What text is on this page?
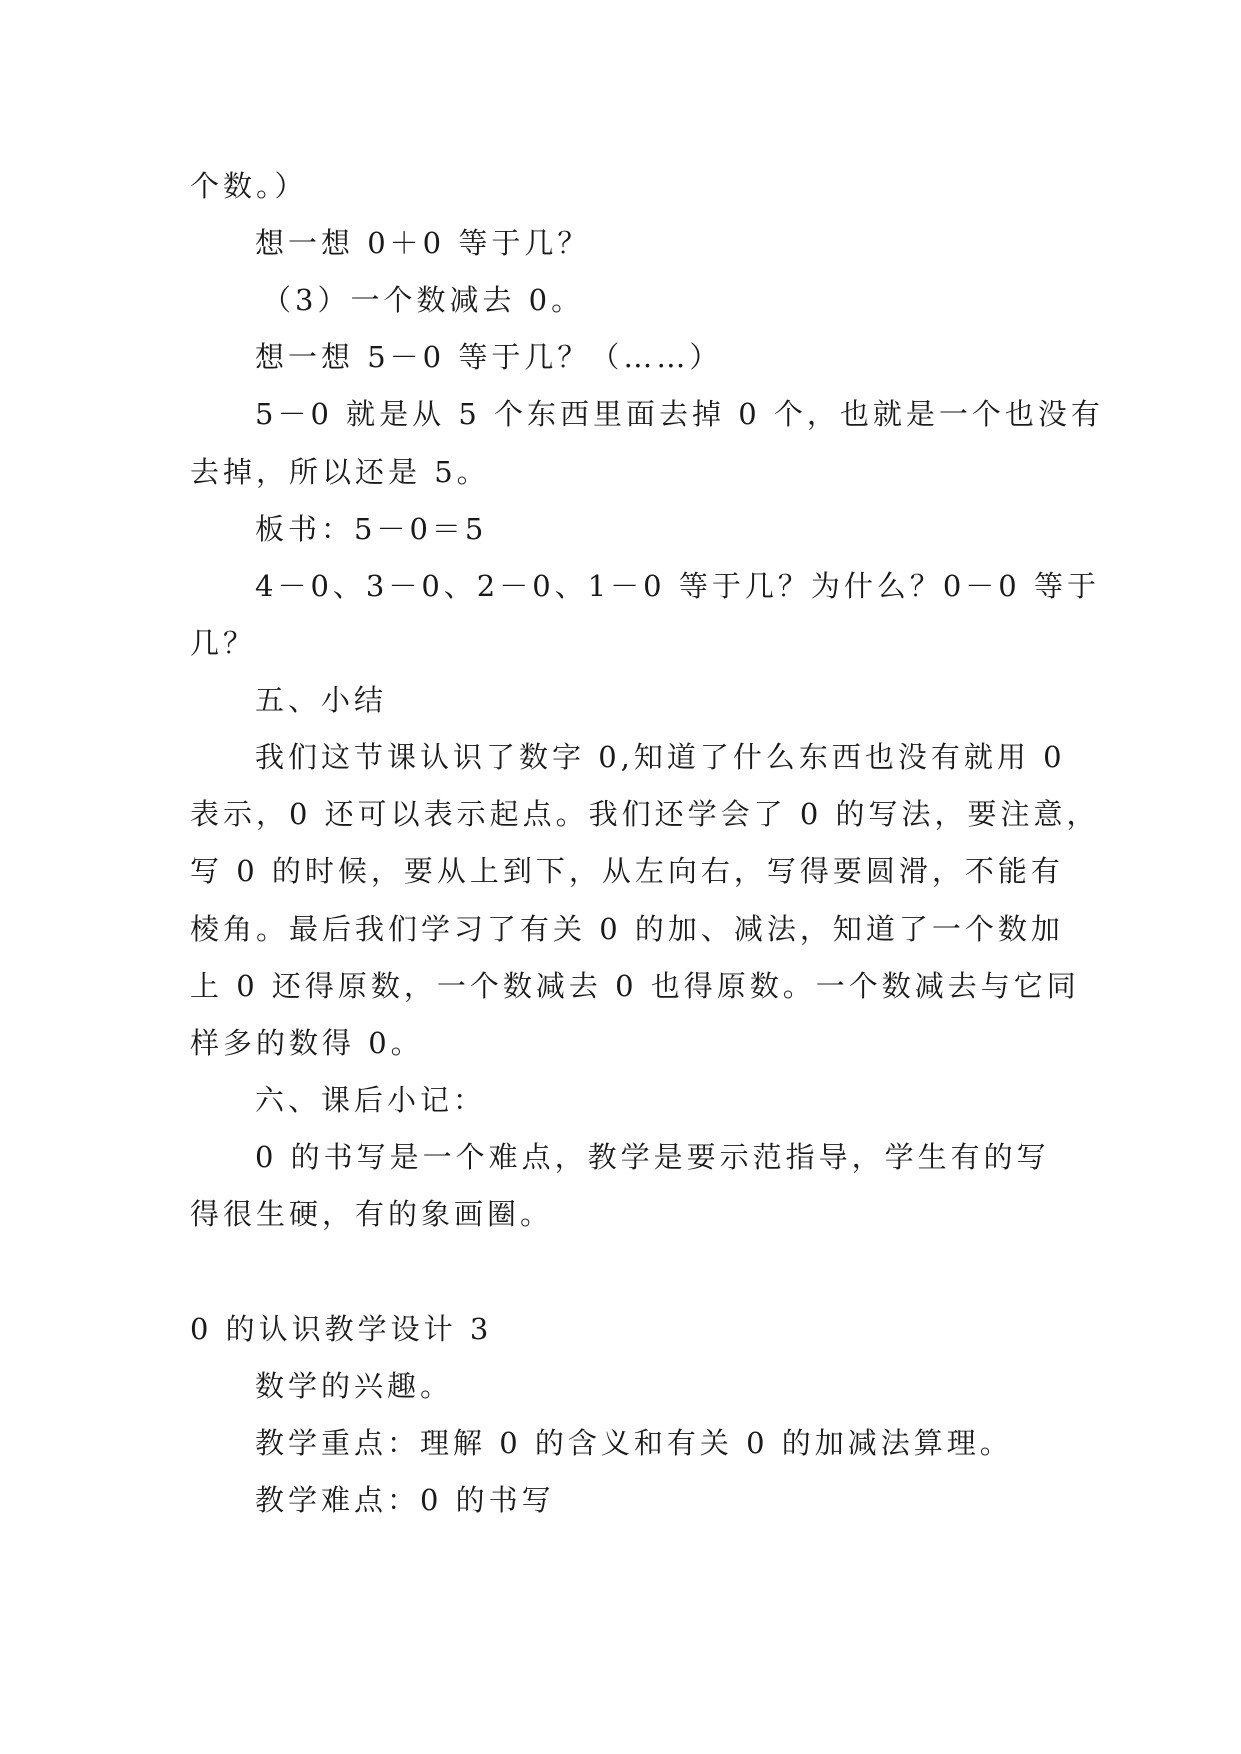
个数。）
想一想 0＋0 等于几？
（3）一个数减去 0。
想一想 5－0 等于几？（……）
5－0 就是从 5 个东西里面去掉 0 个，也就是一个也没有
去掉，所以还是 5。
板书：5－0＝5
4－0、3－0、2－0、1－0 等于几？为什么？0－0 等于
几？
五、小结
我们这节课认识了数字 0,知道了什么东西也没有就用 0
表示，0 还可以表示起点。我们还学会了 0 的写法，要注意，
写 0 的时候，要从上到下，从左向右，写得要圆滑，不能有
棱角。最后我们学习了有关 0 的加、减法，知道了一个数加
上 0 还得原数，一个数减去 0 也得原数。一个数减去与它同
样多的数得 0。
六、课后小记：
0 的书写是一个难点，教学是要示范指导，学生有的写
得很生硬，有的象画圈。
0 的认识教学设计 3
数学的兴趣。
教学重点：理解 0 的含义和有关 0 的加减法算理。
教学难点：0 的书写
